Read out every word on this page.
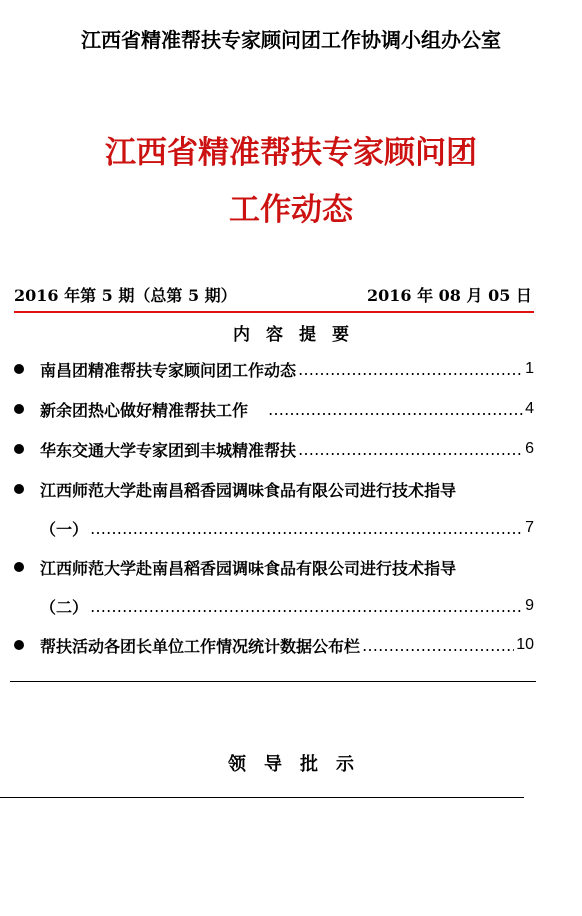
江西省精准帮扶专家顾问团工作协调小组办公室
江西省精准帮扶专家顾问团
工作动态
2016 年第 5 期（总第 5 期）	2016 年 08 月 05 日
内容提要
南昌团精准帮扶专家顾问团工作动态 ……………………………………………………………………………………………………………	1
新余团热心做好精准帮扶工作 ……………………………………………………………………………………………………………	4
华东交通大学专家团到丰城精准帮扶 ……………………………………………………………………………………………………………	6
江西师范大学赴南昌稻香园调味食品有限公司进行技术指导
（一） ……………………………………………………………………………………………………………	7
江西师范大学赴南昌稻香园调味食品有限公司进行技术指导
（二） ……………………………………………………………………………………………………………	9
帮扶活动各团长单位工作情况统计数据公布栏 ……………………………………………………………………………………………………………	10
领导批示
